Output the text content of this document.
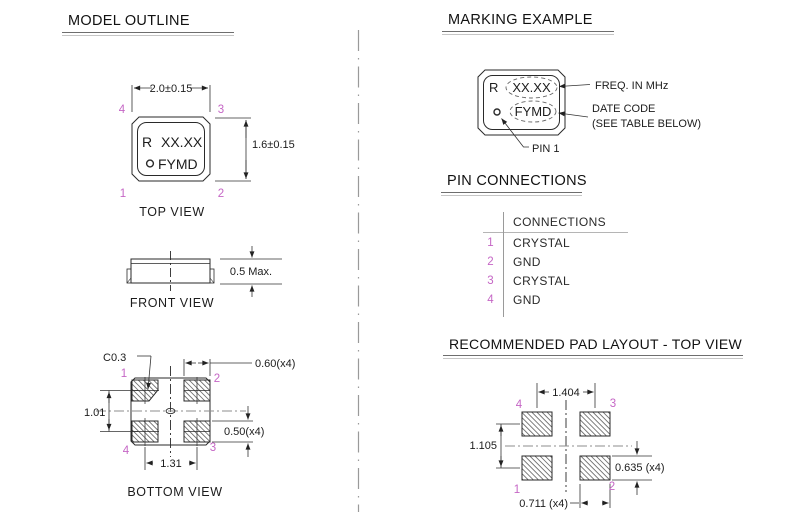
MODEL OUTLINE	MARKING EXAMPLE
PIN CONNECTIONS
RECOMMENDED PAD LAYOUT - TOP VIEW
CONNECTIONS
1	CRYSTAL
2	GND
3	CRYSTAL
4	GND
2.0±0.15
1.6±0.15
R XX.XX
FYMD
4	3
1	2
TOP VIEW
0.5 Max.
FRONT VIEW
C0.3	0.60(x4)
1.01
0.50(x4)
1.31
1	2
4	3
BOTTOM VIEW
R XX.XX
FYMD
FREQ. IN MHz
DATE CODE
(SEE TABLE BELOW)
PIN 1
1.404
1.105
0.635 (x4)
0.711 (x4)
4	3
1	2
